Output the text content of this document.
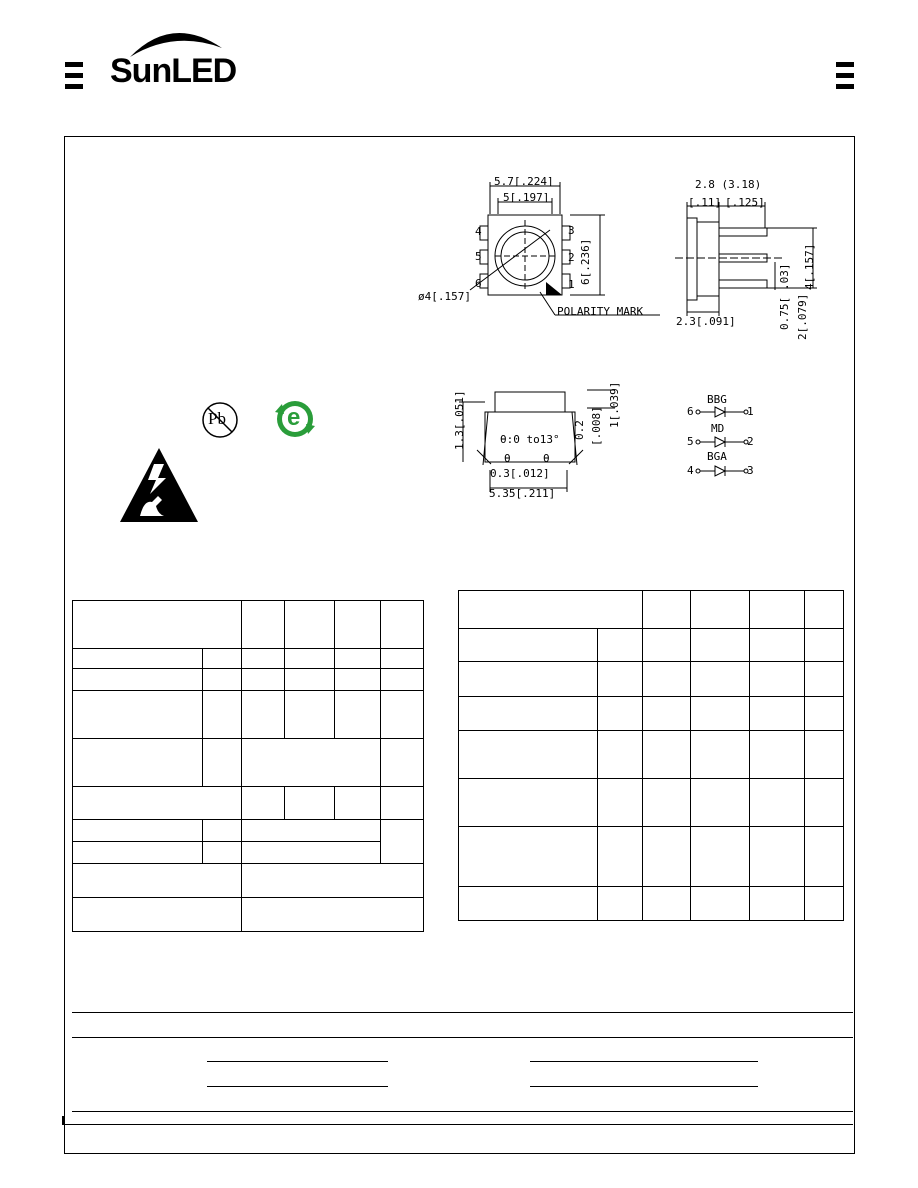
SunLED
5.7[.224]
5[.197]
6[.236]
ø4[.157]
POLARITY MARK
4
5
6
3
2
1
2.8 (3.18)
[.11] [.125]
2.3[.091]
4[.157]
.03]
0.75[ 2[.079]
1.3[.051]	0.2 [.008] 1[.039]
θ:0 to13°
θ	θ
0.3[.012]
5.35[.211]
BBG
6	1
MD
5	2
BGA
4	3
Pb	e
